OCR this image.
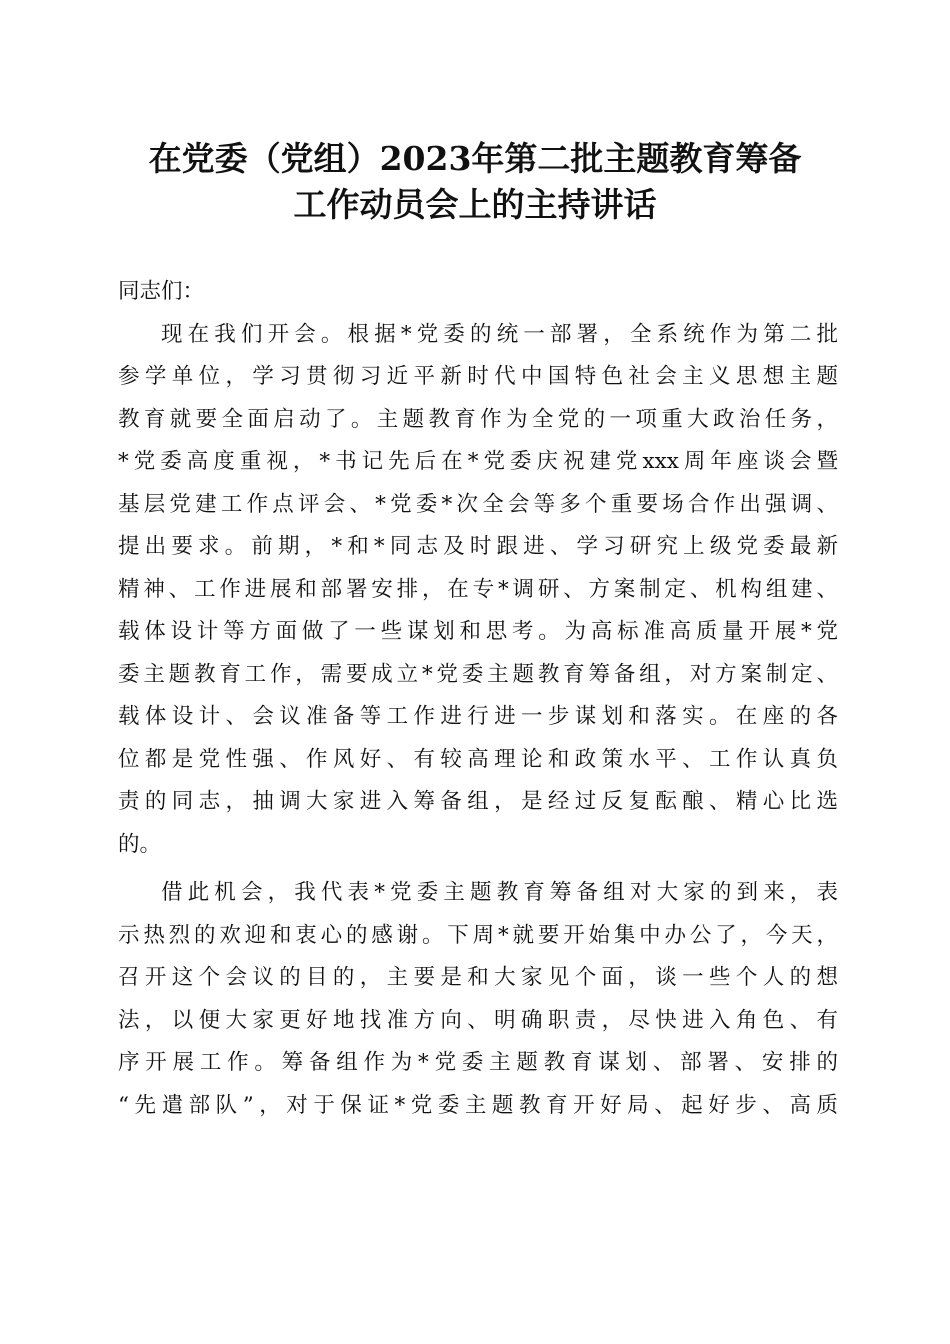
在党委（党组）2023年第二批主题教育筹备
工作动员会上的主持讲话
同志们：
现在我们开会。根据*党委的统一部署，全系统作为第二批
参学单位，学习贯彻习近平新时代中国特色社会主义思想主题
教育就要全面启动了。主题教育作为全党的一项重大政治任务，
*党委高度重视，*书记先后在*党委庆祝建党xxx周年座谈会暨
基层党建工作点评会、*党委*次全会等多个重要场合作出强调、
提出要求。前期，*和*同志及时跟进、学习研究上级党委最新
精神、工作进展和部署安排，在专*调研、方案制定、机构组建、
载体设计等方面做了一些谋划和思考。为高标准高质量开展*党
委主题教育工作，需要成立*党委主题教育筹备组，对方案制定、
载体设计、会议准备等工作进行进一步谋划和落实。在座的各
位都是党性强、作风好、有较高理论和政策水平、工作认真负
责的同志，抽调大家进入筹备组，是经过反复酝酿、精心比选
的。
借此机会，我代表*党委主题教育筹备组对大家的到来，表
示热烈的欢迎和衷心的感谢。下周*就要开始集中办公了，今天，
召开这个会议的目的，主要是和大家见个面，谈一些个人的想
法，以便大家更好地找准方向、明确职责，尽快进入角色、有
序开展工作。筹备组作为*党委主题教育谋划、部署、安排的
“先遣部队”，对于保证*党委主题教育开好局、起好步、高质
